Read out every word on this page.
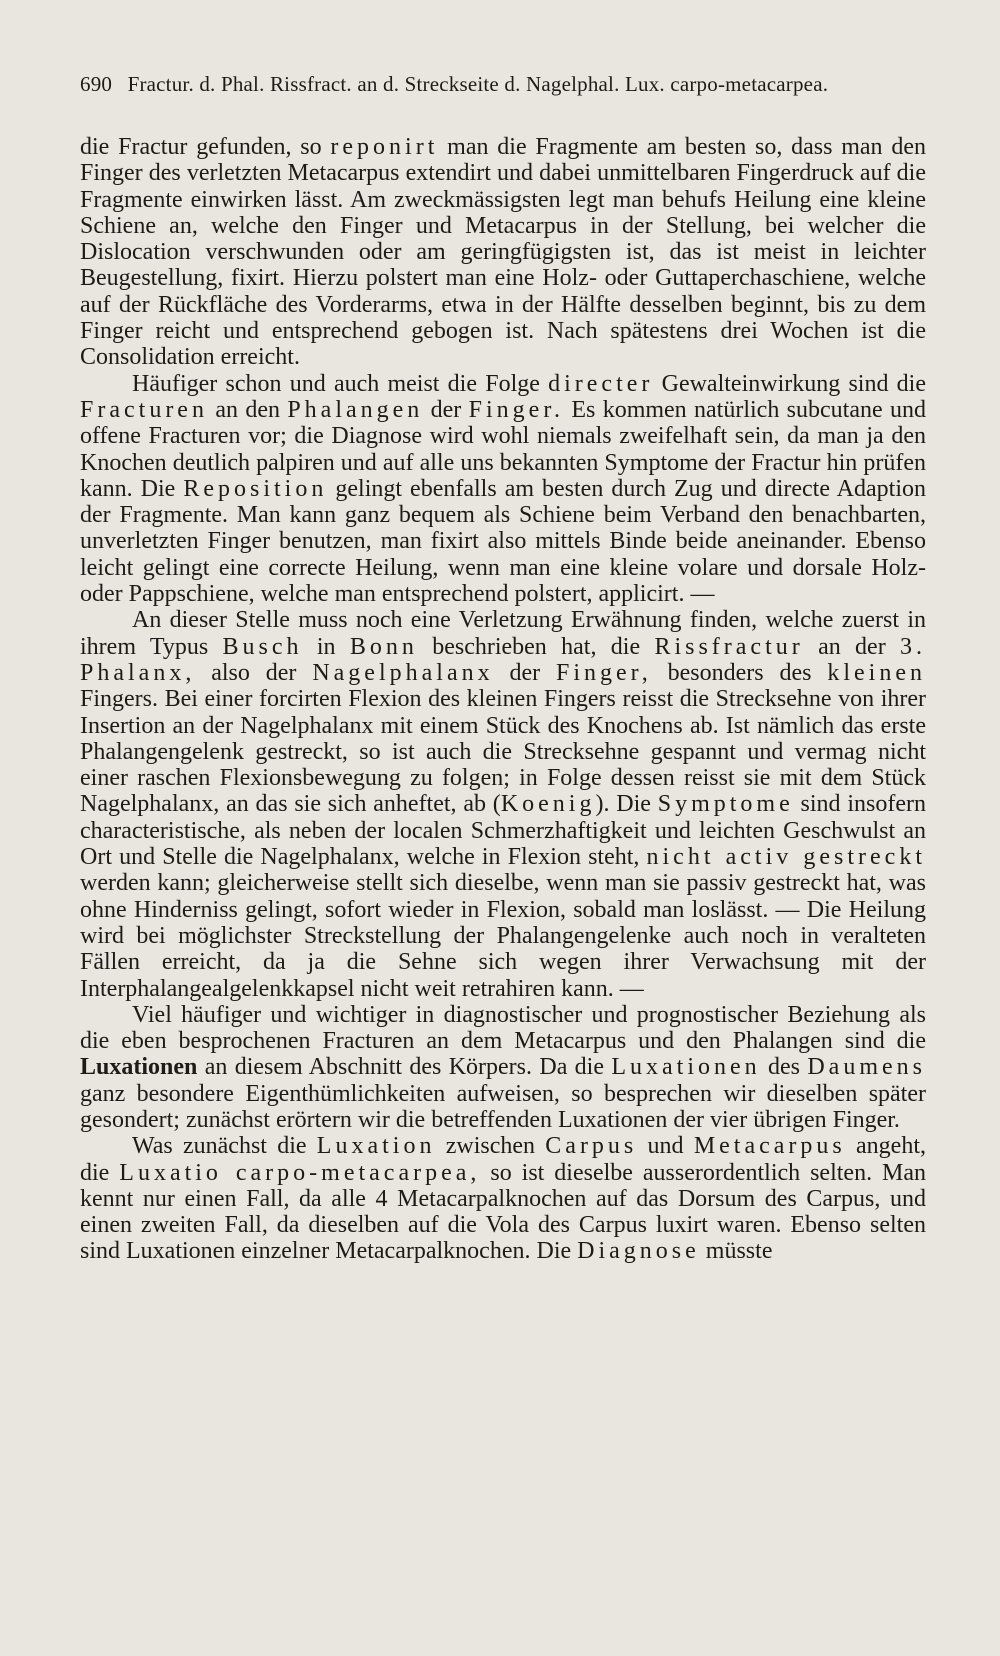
690 Fractur. d. Phal. Rissfract. an d. Streckseite d. Nagelphal. Lux. carpo-metacarpea.

die Fractur gefunden, so reponirt man die Fragmente am besten so, dass man den Finger des verletzten Metacarpus extendirt und dabei unmittelbaren Fingerdruck auf die Fragmente einwirken lässt. Am zweckmässigsten legt man behufs Heilung eine kleine Schiene an, welche den Finger und Metacarpus in der Stellung, bei welcher die Dislocation verschwunden oder am geringfügigsten ist, das ist meist in leichter Beugestellung, fixirt. Hierzu polstert man eine Holz- oder Guttaperchaschiene, welche auf der Rückfläche des Vorderarms, etwa in der Hälfte desselben beginnt, bis zu dem Finger reicht und entsprechend gebogen ist. Nach spätestens drei Wochen ist die Consolidation erreicht.

Häufiger schon und auch meist die Folge directer Gewalteinwirkung sind die Fracturen an den Phalangen der Finger. Es kommen natürlich subcutane und offene Fracturen vor; die Diagnose wird wohl niemals zweifelhaft sein, da man ja den Knochen deutlich palpiren und auf alle uns bekannten Symptome der Fractur hin prüfen kann. Die Reposition gelingt ebenfalls am besten durch Zug und directe Adaption der Fragmente. Man kann ganz bequem als Schiene beim Verband den benachbarten, unverletzten Finger benutzen, man fixirt also mittels Binde beide aneinander. Ebenso leicht gelingt eine correcte Heilung, wenn man eine kleine volare und dorsale Holz- oder Pappschiene, welche man entsprechend polstert, applicirt. —

An dieser Stelle muss noch eine Verletzung Erwähnung finden, welche zuerst in ihrem Typus Busch in Bonn beschrieben hat, die Rissfractur an der 3. Phalanx, also der Nagelphalanx der Finger, besonders des kleinen Fingers. Bei einer forcirten Flexion des kleinen Fingers reisst die Strecksehne von ihrer Insertion an der Nagelphalanx mit einem Stück des Knochens ab. Ist nämlich das erste Phalangengelenk gestreckt, so ist auch die Strecksehne gespannt und vermag nicht einer raschen Flexionsbewegung zu folgen; in Folge dessen reisst sie mit dem Stück Nagelphalanx, an das sie sich anheftet, ab (Koenig). Die Symptome sind insofern characteristische, als neben der localen Schmerzhaftigkeit und leichten Geschwulst an Ort und Stelle die Nagelphalanx, welche in Flexion steht, nicht activ gestreckt werden kann; gleicherweise stellt sich dieselbe, wenn man sie passiv gestreckt hat, was ohne Hinderniss gelingt, sofort wieder in Flexion, sobald man loslässt. — Die Heilung wird bei möglichster Streckstellung der Phalangengelenke auch noch in veralteten Fällen erreicht, da ja die Sehne sich wegen ihrer Verwachsung mit der Interphalangealgelenkkapsel nicht weit retrahiren kann. —

Viel häufiger und wichtiger in diagnostischer und prognostischer Beziehung als die eben besprochenen Fracturen an dem Metacarpus und den Phalangen sind die Luxationen an diesem Abschnitt des Körpers. Da die Luxationen des Daumens ganz besondere Eigenthümlichkeiten aufweisen, so besprechen wir dieselben später gesondert; zunächst erörtern wir die betreffenden Luxationen der vier übrigen Finger.

Was zunächst die Luxation zwischen Carpus und Metacarpus angeht, die Luxatio carpo-metacarpea, so ist dieselbe ausserordentlich selten. Man kennt nur einen Fall, da alle 4 Metacarpalknochen auf das Dorsum des Carpus, und einen zweiten Fall, da dieselben auf die Vola des Carpus luxirt waren. Ebenso selten sind Luxationen einzelner Metacarpalknochen. Die Diagnose müsste
